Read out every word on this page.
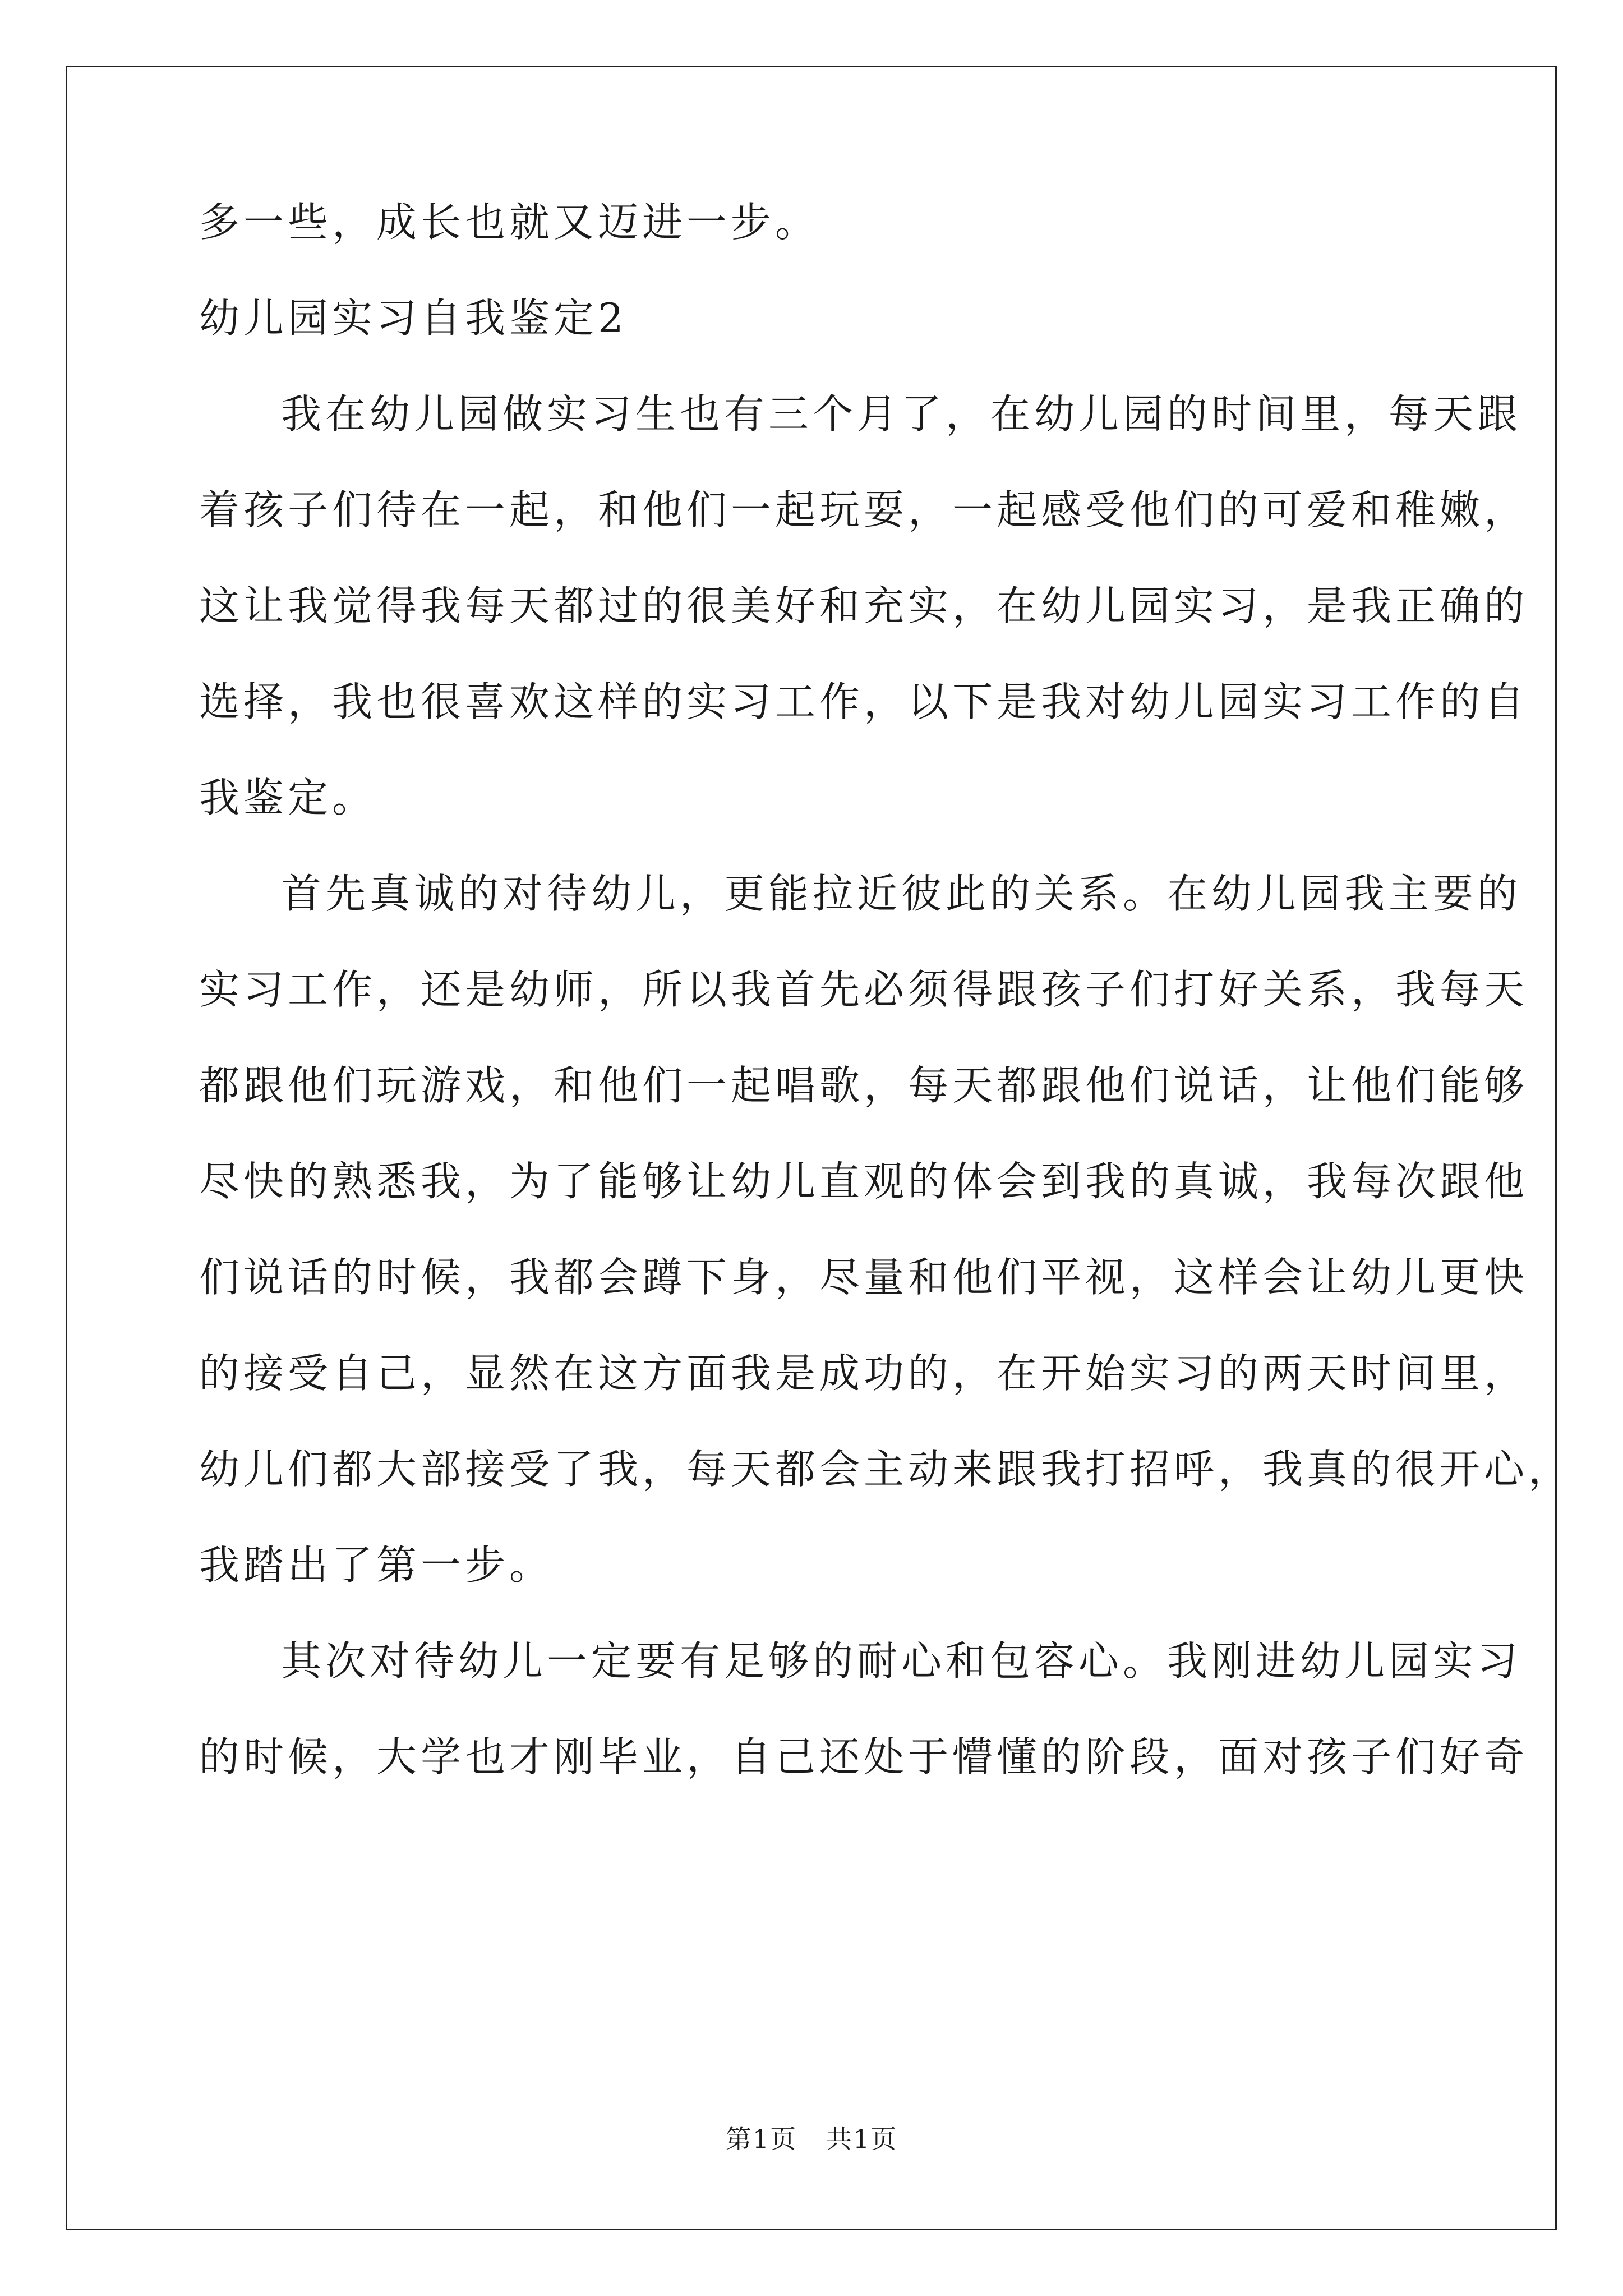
多一些，成长也就又迈进一步。
幼儿园实习自我鉴定2
我在幼儿园做实习生也有三个月了，在幼儿园的时间里，每天跟
着孩子们待在一起，和他们一起玩耍，一起感受他们的可爱和稚嫩，
这让我觉得我每天都过的很美好和充实，在幼儿园实习，是我正确的
选择，我也很喜欢这样的实习工作，以下是我对幼儿园实习工作的自
我鉴定。
首先真诚的对待幼儿，更能拉近彼此的关系。在幼儿园我主要的
实习工作，还是幼师，所以我首先必须得跟孩子们打好关系，我每天
都跟他们玩游戏，和他们一起唱歌，每天都跟他们说话，让他们能够
尽快的熟悉我，为了能够让幼儿直观的体会到我的真诚，我每次跟他
们说话的时候，我都会蹲下身，尽量和他们平视，这样会让幼儿更快
的接受自己，显然在这方面我是成功的，在开始实习的两天时间里，
幼儿们都大部接受了我，每天都会主动来跟我打招呼，我真的很开心，
我踏出了第一步。
其次对待幼儿一定要有足够的耐心和包容心。我刚进幼儿园实习
的时候，大学也才刚毕业，自己还处于懵懂的阶段，面对孩子们好奇
第1页 共1页
